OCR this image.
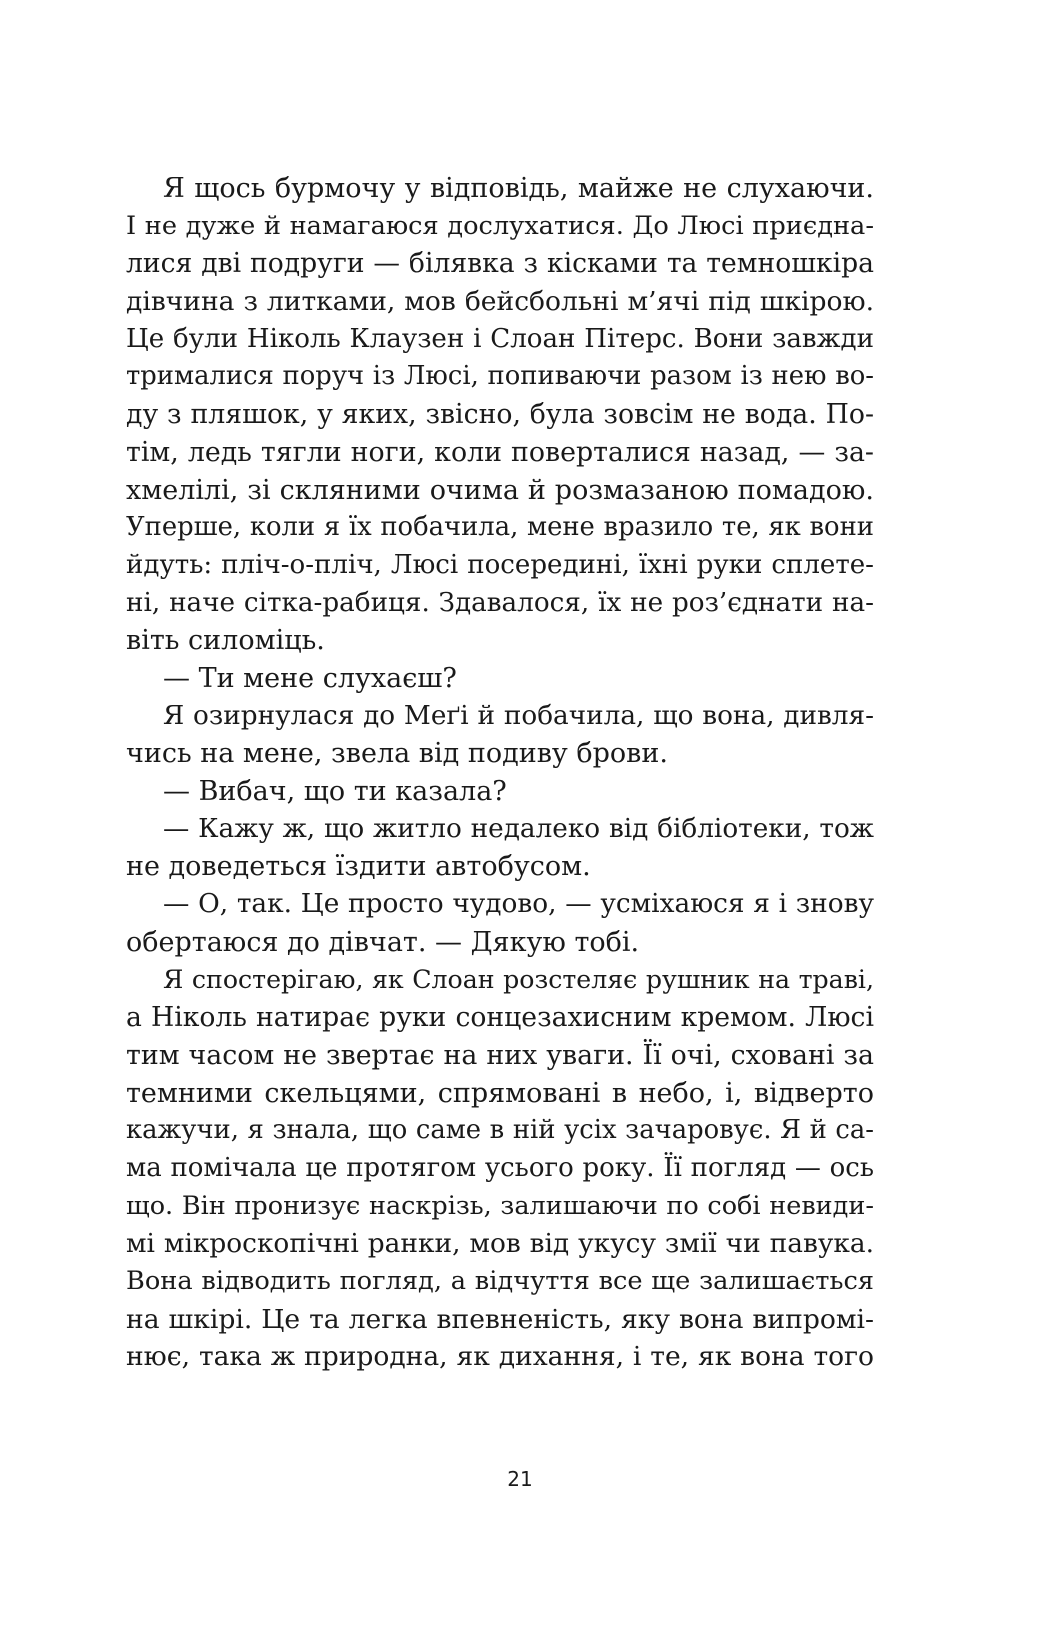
Я щось бурмочу у відповідь, майже не слухаючи.
І не дуже й намагаюся дослухатися. До Люсі приєдна-
лися дві подруги — білявка з кісками та темношкіра
дівчина з литками, мов бейсбольні м’ячі під шкірою.
Це були Ніколь Клаузен і Слоан Пітерс. Вони завжди
трималися поруч із Люсі, попиваючи разом із нею во-
ду з пляшок, у яких, звісно, була зовсім не вода. По-
тім, ледь тягли ноги, коли поверталися назад, — за-
хмелілі, зі скляними очима й розмазаною помадою.
Уперше, коли я їх побачила, мене вразило те, як вони
йдуть: пліч-о-пліч, Люсі посередині, їхні руки сплете-
ні, наче сітка-рабиця. Здавалося, їх не роз’єднати на-
віть силоміць.
— Ти мене слухаєш?
Я озирнулася до Меґі й побачила, що вона, дивля-
чись на мене, звела від подиву брови.
— Вибач, що ти казала?
— Кажу ж, що житло недалеко від бібліотеки, тож
не доведеться їздити автобусом.
— О, так. Це просто чудово, — усміхаюся я і знову
обертаюся до дівчат. — Дякую тобі.
Я спостерігаю, як Слоан розстеляє рушник на траві,
а Ніколь натирає руки сонцезахисним кремом. Люсі
тим часом не звертає на них уваги. Її очі, сховані за
темними скельцями, спрямовані в небо, і, відверто
кажучи, я знала, що саме в ній усіх зачаровує. Я й са-
ма помічала це протягом усього року. Її погляд — ось
що. Він пронизує наскрізь, залишаючи по собі невиди-
мі мікроскопічні ранки, мов від укусу змії чи павука.
Вона відводить погляд, а відчуття все ще залишається
на шкірі. Це та легка впевненість, яку вона випромі-
нює, така ж природна, як дихання, і те, як вона того
21
